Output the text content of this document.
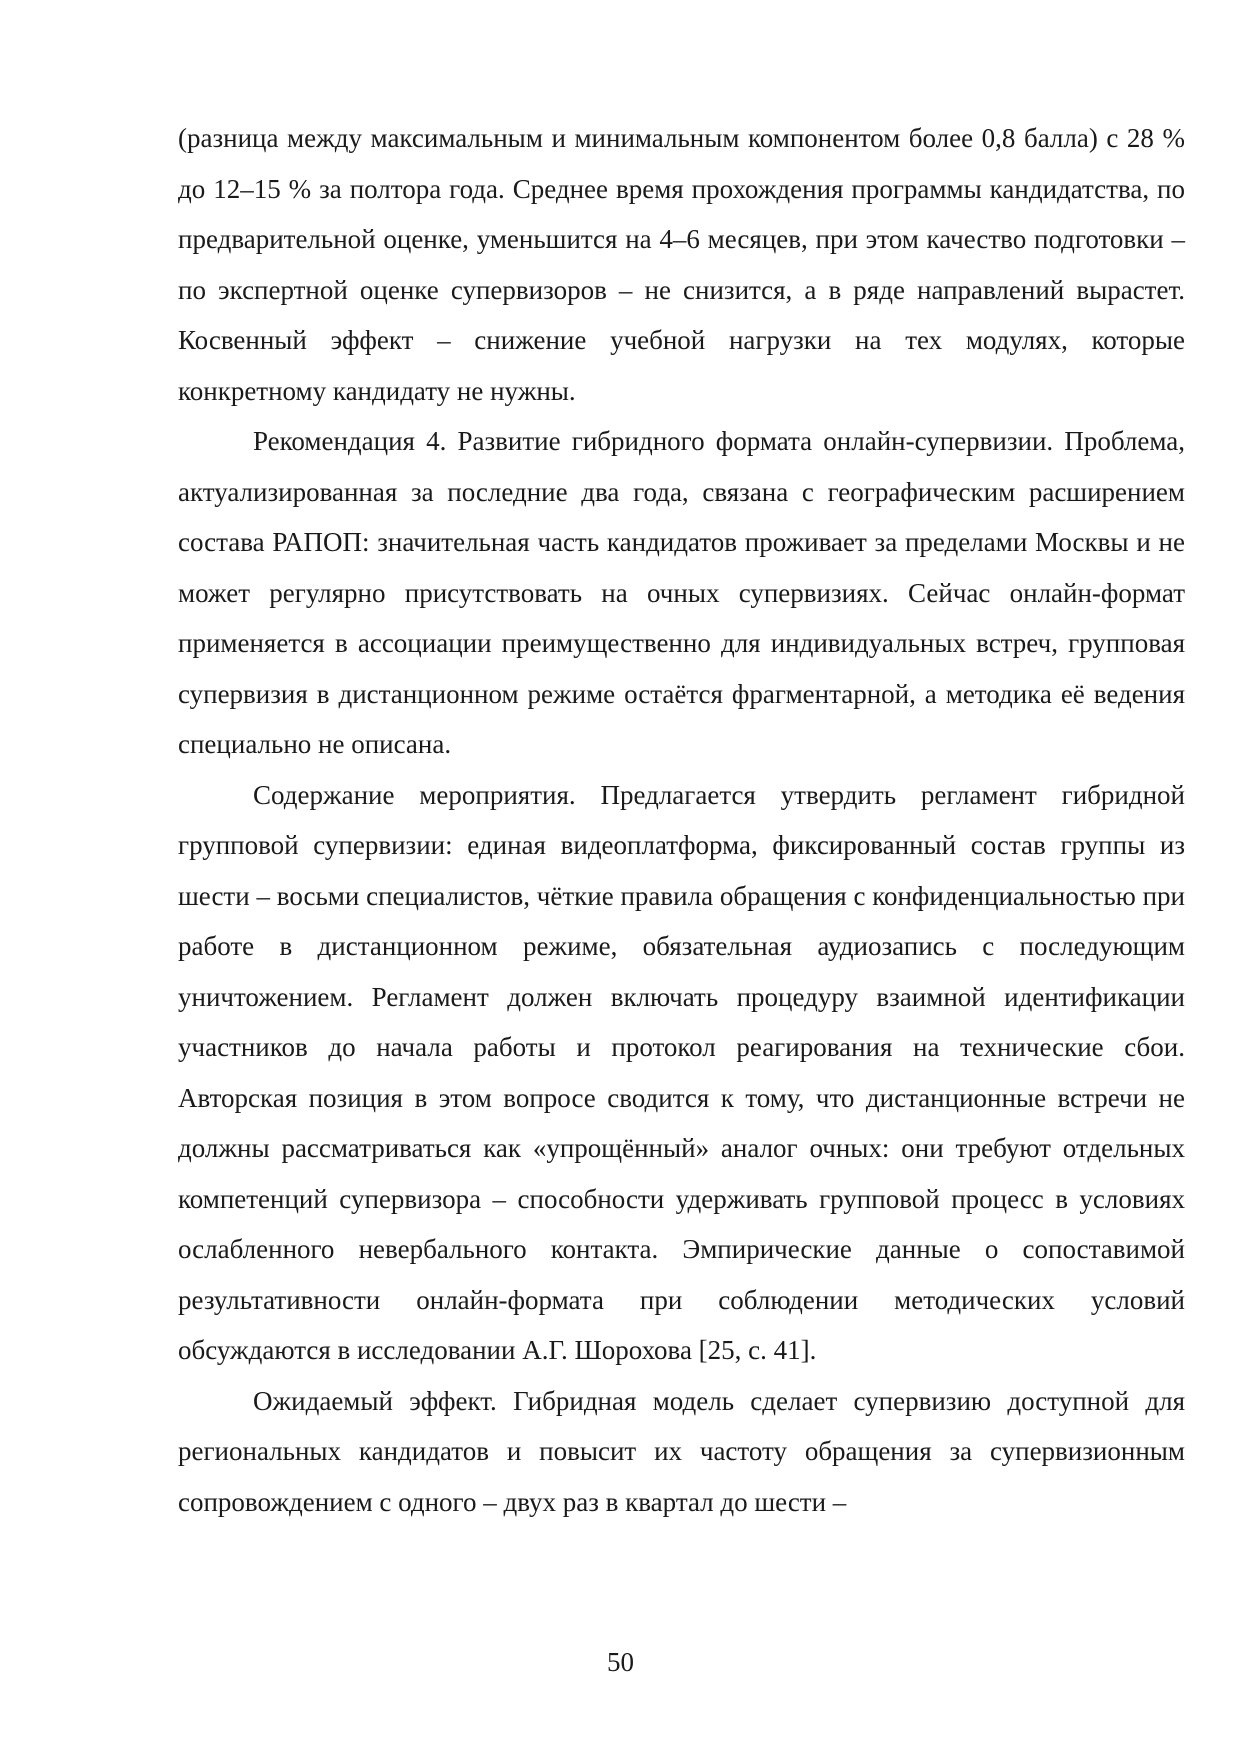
(разница между максимальным и минимальным компонентом более 0,8 балла) с 28 % до 12–15 % за полтора года. Среднее время прохождения программы кандидатства, по предварительной оценке, уменьшится на 4–6 месяцев, при этом качество подготовки – по экспертной оценке супервизоров – не снизится, а в ряде направлений вырастет. Косвенный эффект – снижение учебной нагрузки на тех модулях, которые конкретному кандидату не нужны.

Рекомендация 4. Развитие гибридного формата онлайн-супервизии. Проблема, актуализированная за последние два года, связана с географическим расширением состава РАПОП: значительная часть кандидатов проживает за пределами Москвы и не может регулярно присутствовать на очных супервизиях. Сейчас онлайн-формат применяется в ассоциации преимущественно для индивидуальных встреч, групповая супервизия в дистанционном режиме остаётся фрагментарной, а методика её ведения специально не описана.

Содержание мероприятия. Предлагается утвердить регламент гибридной групповой супервизии: единая видеоплатформа, фиксированный состав группы из шести – восьми специалистов, чёткие правила обращения с конфиденциальностью при работе в дистанционном режиме, обязательная аудиозапись с последующим уничтожением. Регламент должен включать процедуру взаимной идентификации участников до начала работы и протокол реагирования на технические сбои. Авторская позиция в этом вопросе сводится к тому, что дистанционные встречи не должны рассматриваться как «упрощённый» аналог очных: они требуют отдельных компетенций супервизора – способности удерживать групповой процесс в условиях ослабленного невербального контакта. Эмпирические данные о сопоставимой результативности онлайн-формата при соблюдении методических условий обсуждаются в исследовании А.Г. Шорохова [25, с. 41].

Ожидаемый эффект. Гибридная модель сделает супервизию доступной для региональных кандидатов и повысит их частоту обращения за супервизионным сопровождением с одного – двух раз в квартал до шести –

50
